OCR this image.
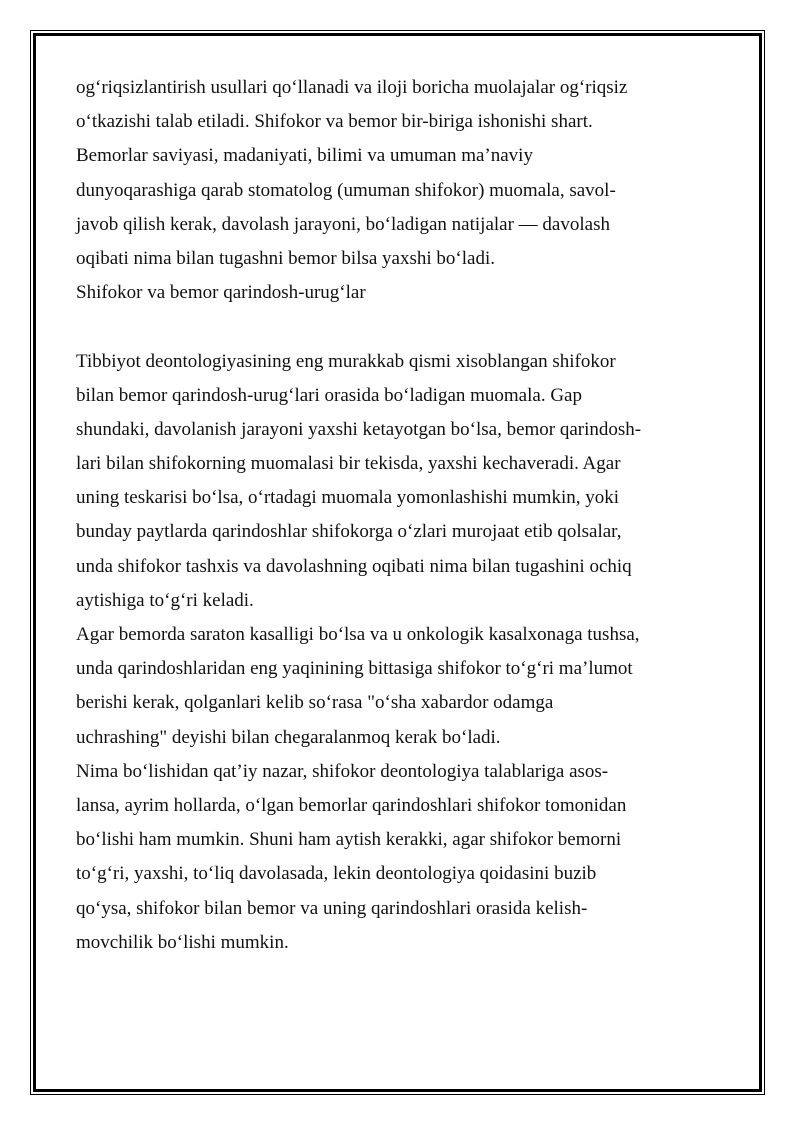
og‘riqsizlantirish usullari qo‘llanadi va iloji boricha muolajalar og‘riqsiz
o‘tkazishi talab etiladi. Shifokor va bemor bir-biriga ishonishi shart.
Bemorlar saviyasi, madaniyati, bilimi va umuman ma’naviy
dunyoqarashiga qarab stomatolog (umuman shifokor) muomala, savol-
javob qilish kerak, davolash jarayoni, bo‘ladigan natijalar — davolash
oqibati nima bilan tugashni bemor bilsa yaxshi bo‘ladi.
Shifokor va bemor qarindosh-urug‘lar
Tibbiyot deontologiyasining eng murakkab qismi xisoblangan shifokor
bilan bemor qarindosh-urug‘lari orasida bo‘ladigan muomala. Gap
shundaki, davolanish jarayoni yaxshi ketayotgan bo‘lsa, bemor qarindosh-
lari bilan shifokorning muomalasi bir tekisda, yaxshi kechaveradi. Agar
uning teskarisi bo‘lsa, o‘rtadagi muomala yomonlashishi mumkin, yoki
bunday paytlarda qarindoshlar shifokorga o‘zlari murojaat etib qolsalar,
unda shifokor tashxis va davolashning oqibati nima bilan tugashini ochiq
aytishiga to‘g‘ri keladi.
Agar bemorda saraton kasalligi bo‘lsa va u onkologik kasalxonaga tushsa,
unda qarindoshlaridan eng yaqinining bittasiga shifokor to‘g‘ri ma’lumot
berishi kerak, qolganlari kelib so‘rasa "o‘sha xabardor odamga
uchrashing" deyishi bilan chegaralanmoq kerak bo‘ladi.
Nima bo‘lishidan qat’iy nazar, shifokor deontologiya talablariga asos-
lansa, ayrim hollarda, o‘lgan bemorlar qarindoshlari shifokor tomonidan
bo‘lishi ham mumkin. Shuni ham aytish kerakki, agar shifokor bemorni
to‘g‘ri, yaxshi, to‘liq davolasada, lekin deontologiya qoidasini buzib
qo‘ysa, shifokor bilan bemor va uning qarindoshlari orasida kelish-
movchilik bo‘lishi mumkin.
